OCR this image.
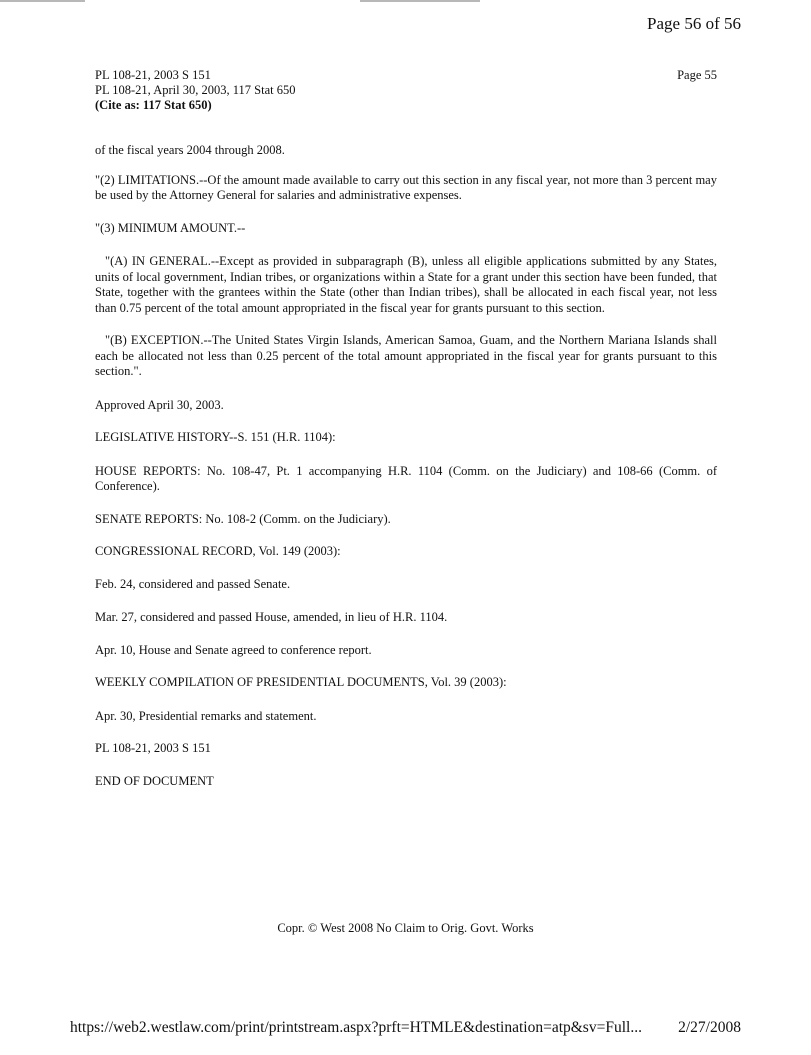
Page 56 of 56
PL 108-21, 2003 S 151
PL 108-21, April 30, 2003, 117 Stat 650
(Cite as: 117 Stat 650)
Page 55

of the fiscal years 2004 through 2008.

"(2) LIMITATIONS.--Of the amount made available to carry out this section in any fiscal year, not more than 3 percent may be used by the Attorney General for salaries and administrative expenses.

"(3) MINIMUM AMOUNT.--

"(A) IN GENERAL.--Except as provided in subparagraph (B), unless all eligible applications submitted by any States, units of local government, Indian tribes, or organizations within a State for a grant under this section have been funded, that State, together with the grantees within the State (other than Indian tribes), shall be allocated in each fiscal year, not less than 0.75 percent of the total amount appropriated in the fiscal year for grants pursuant to this section.

"(B) EXCEPTION.--The United States Virgin Islands, American Samoa, Guam, and the Northern Mariana Islands shall each be allocated not less than 0.25 percent of the total amount appropriated in the fiscal year for grants pursuant to this section.".

Approved April 30, 2003.

LEGISLATIVE HISTORY--S. 151 (H.R. 1104):

HOUSE REPORTS: No. 108-47, Pt. 1 accompanying H.R. 1104 (Comm. on the Judiciary) and 108-66 (Comm. of Conference).

SENATE REPORTS: No. 108-2 (Comm. on the Judiciary).

CONGRESSIONAL RECORD, Vol. 149 (2003):

Feb. 24, considered and passed Senate.

Mar. 27, considered and passed House, amended, in lieu of H.R. 1104.

Apr. 10, House and Senate agreed to conference report.

WEEKLY COMPILATION OF PRESIDENTIAL DOCUMENTS, Vol. 39 (2003):

Apr. 30, Presidential remarks and statement.

PL 108-21, 2003 S 151

END OF DOCUMENT

Copr. © West 2008 No Claim to Orig. Govt. Works
https://web2.westlaw.com/print/printstream.aspx?prft=HTMLE&destination=atp&sv=Full... 2/27/2008
